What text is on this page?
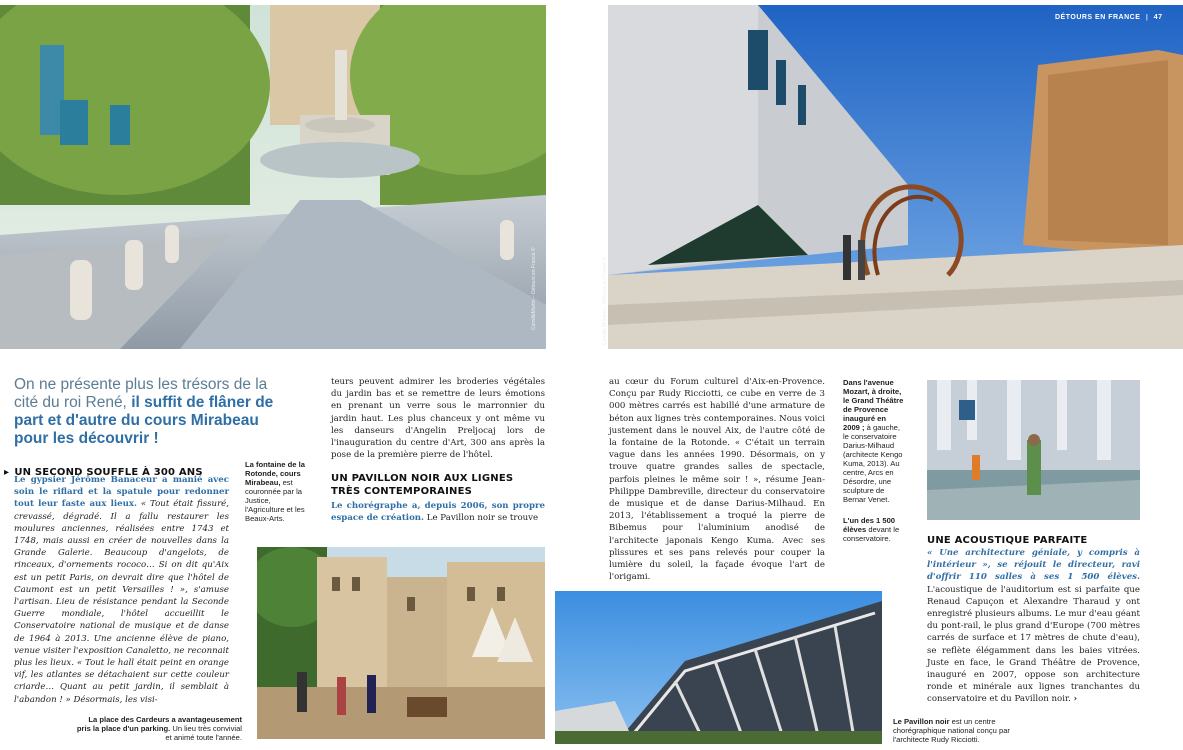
CamilleMartin – Détours en France ©	Camille Moirenc – Détours en France ©
DÉTOURS EN FRANCE | 47
On ne présente plus les trésors de la cité du roi René, il suffit de flâner de part et d'autre du cours Mirabeau pour les découvrir !
▸ UN SECOND SOUFFLE À 300 ANS

Le gypsier Jérôme Banaceur a manié avec soin le riflard et la spatule pour redonner tout leur faste aux lieux. « Tout était fissuré, crevassé, dégradé. Il a fallu restaurer les moulures anciennes, réalisées entre 1743 et 1748, mais aussi en créer de nouvelles dans la Grande Galerie. Beaucoup d'angelots, de rinceaux, d'ornements rococo… Si on dit qu'Aix est un petit Paris, on devrait dire que l'hôtel de Caumont est un petit Versailles ! », s'amuse l'artisan. Lieu de résistance pendant la Seconde Guerre mondiale, l'hôtel accueillit le Conservatoire national de musique et de danse de 1964 à 2013. Une ancienne élève de piano, venue visiter l'exposition Canaletto, ne reconnait plus les lieux. « Tout le hall était peint en orange vif, les atlantes se détachaient sur cette couleur criarde… Quant au petit jardin, il semblait à l'abandon ! » Désormais, les visi-

La fontaine de la Rotonde, cours Mirabeau, est couronnée par la Justice, l'Agriculture et les Beaux-Arts.

teurs peuvent admirer les broderies végétales du jardin bas et se remettre de leurs émotions en prenant un verre sous le marronnier du jardin haut. Les plus chanceux y ont même vu les danseurs d'Angelin Preljocaj lors de l'inauguration du centre d'Art, 300 ans après la pose de la première pierre de l'hôtel.

UN PAVILLON NOIR AUX LIGNES TRÈS CONTEMPORAINES

Le chorégraphe a, depuis 2006, son propre espace de création. Le Pavillon noir se trouve

La place des Cardeurs a avantageusement pris la place d'un parking. Un lieu très convivial et animé toute l'année.

au cœur du Forum culturel d'Aix-en-Provence. Conçu par Rudy Ricciotti, ce cube en verre de 3 000 mètres carrés est habillé d'une armature de béton aux lignes très contemporaines. Nous voici justement dans le nouvel Aix, de l'autre côté de la fontaine de la Rotonde. « C'était un terrain vague dans les années 1990. Désormais, on y trouve quatre grandes salles de spectacle, parfois pleines le même soir ! », résume Jean-Philippe Dambreville, directeur du conservatoire de musique et de danse Darius-Milhaud. En 2013, l'établissement a troqué la pierre de Bibemus pour l'aluminium anodisé de l'architecte japonais Kengo Kuma. Avec ses plissures et ses pans relevés pour couper la lumière du soleil, la façade évoque l'art de l'origami.

Dans l'avenue Mozart, à droite, le Grand Théâtre de Provence inauguré en 2009 ; à gauche, le conservatoire Darius-Milhaud (architecte Kengo Kuma, 2013). Au centre, Arcs en Désordre, une sculpture de Bernar Venet.
L'un des 1 500 élèves devant le conservatoire.	UNE ACOUSTIQUE PARFAITE

« Une architecture géniale, y compris à l'intérieur », se réjouit le directeur, ravi d'offrir 110 salles à ses 1 500 élèves. L'acoustique de l'auditorium est si parfaite que Renaud Capuçon et Alexandre Tharaud y ont enregistré plusieurs albums. Le mur d'eau géant du pont-rail, le plus grand d'Europe (700 mètres carrés de surface et 17 mètres de chute d'eau), se reflète élégamment dans les baies vitrées. Juste en face, le Grand Théâtre de Provence, inauguré en 2007, oppose son architecture ronde et minérale aux lignes tranchantes du conservatoire et du Pavillon noir. ›

Le Pavillon noir est un centre chorégraphique national conçu par l'architecte Rudy Ricciotti.
